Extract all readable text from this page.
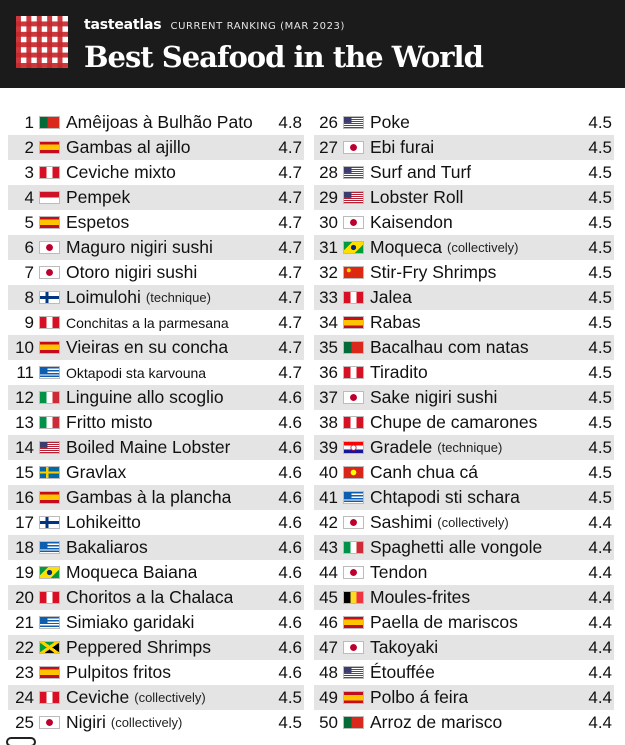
tasteatlas CURRENT RANKING (MAR 2023)
Best Seafood in the World
1 Amêijoas à Bulhão Pato 4.8
2 Gambas al ajillo	4.7
3 Ceviche mixto	4.7
4 Pempek	4.7
5 Espetos	4.7
6 Maguro nigiri sushi	4.7
7 Otoro nigiri sushi	4.7
8 Loimulohi (technique)	4.7
9 Conchitas a la parmesana	4.7
10 Vieiras en su concha	4.7
11 Oktapodi sta karvouna	4.7
12 Linguine allo scoglio	4.6
13 Fritto misto	4.6
14 Boiled Maine Lobster	4.6
15 Gravlax	4.6
16 Gambas à la plancha	4.6
17 Lohikeitto	4.6
18 Bakaliaros	4.6
19 Moqueca Baiana	4.6
20 Choritos a la Chalaca	4.6
21 Simiako garidaki	4.6
22 Peppered Shrimps	4.6
23 Pulpitos fritos	4.6
24 Ceviche (collectively)	4.5
25 Nigiri (collectively)	4.5
26 Poke	4.5
27 Ebi furai	4.5
28 Surf and Turf	4.5
29 Lobster Roll	4.5
30 Kaisendon	4.5
31 Moqueca (collectively)	4.5
32 Stir-Fry Shrimps	4.5
33 Jalea	4.5
34 Rabas	4.5
35 Bacalhau com natas	4.5
36 Tiradito	4.5
37 Sake nigiri sushi	4.5
38 Chupe de camarones	4.5
39 Gradele (technique)	4.5
40 Canh chua cá	4.5
41 Chtapodi sti schara	4.5
42 Sashimi (collectively)	4.4
43 Spaghetti alle vongole	4.4
44 Tendon	4.4
45 Moules-frites	4.4
46 Paella de mariscos	4.4
47 Takoyaki	4.4
48 Étouffée	4.4
49 Polbo á feira	4.4
50 Arroz de marisco	4.4
